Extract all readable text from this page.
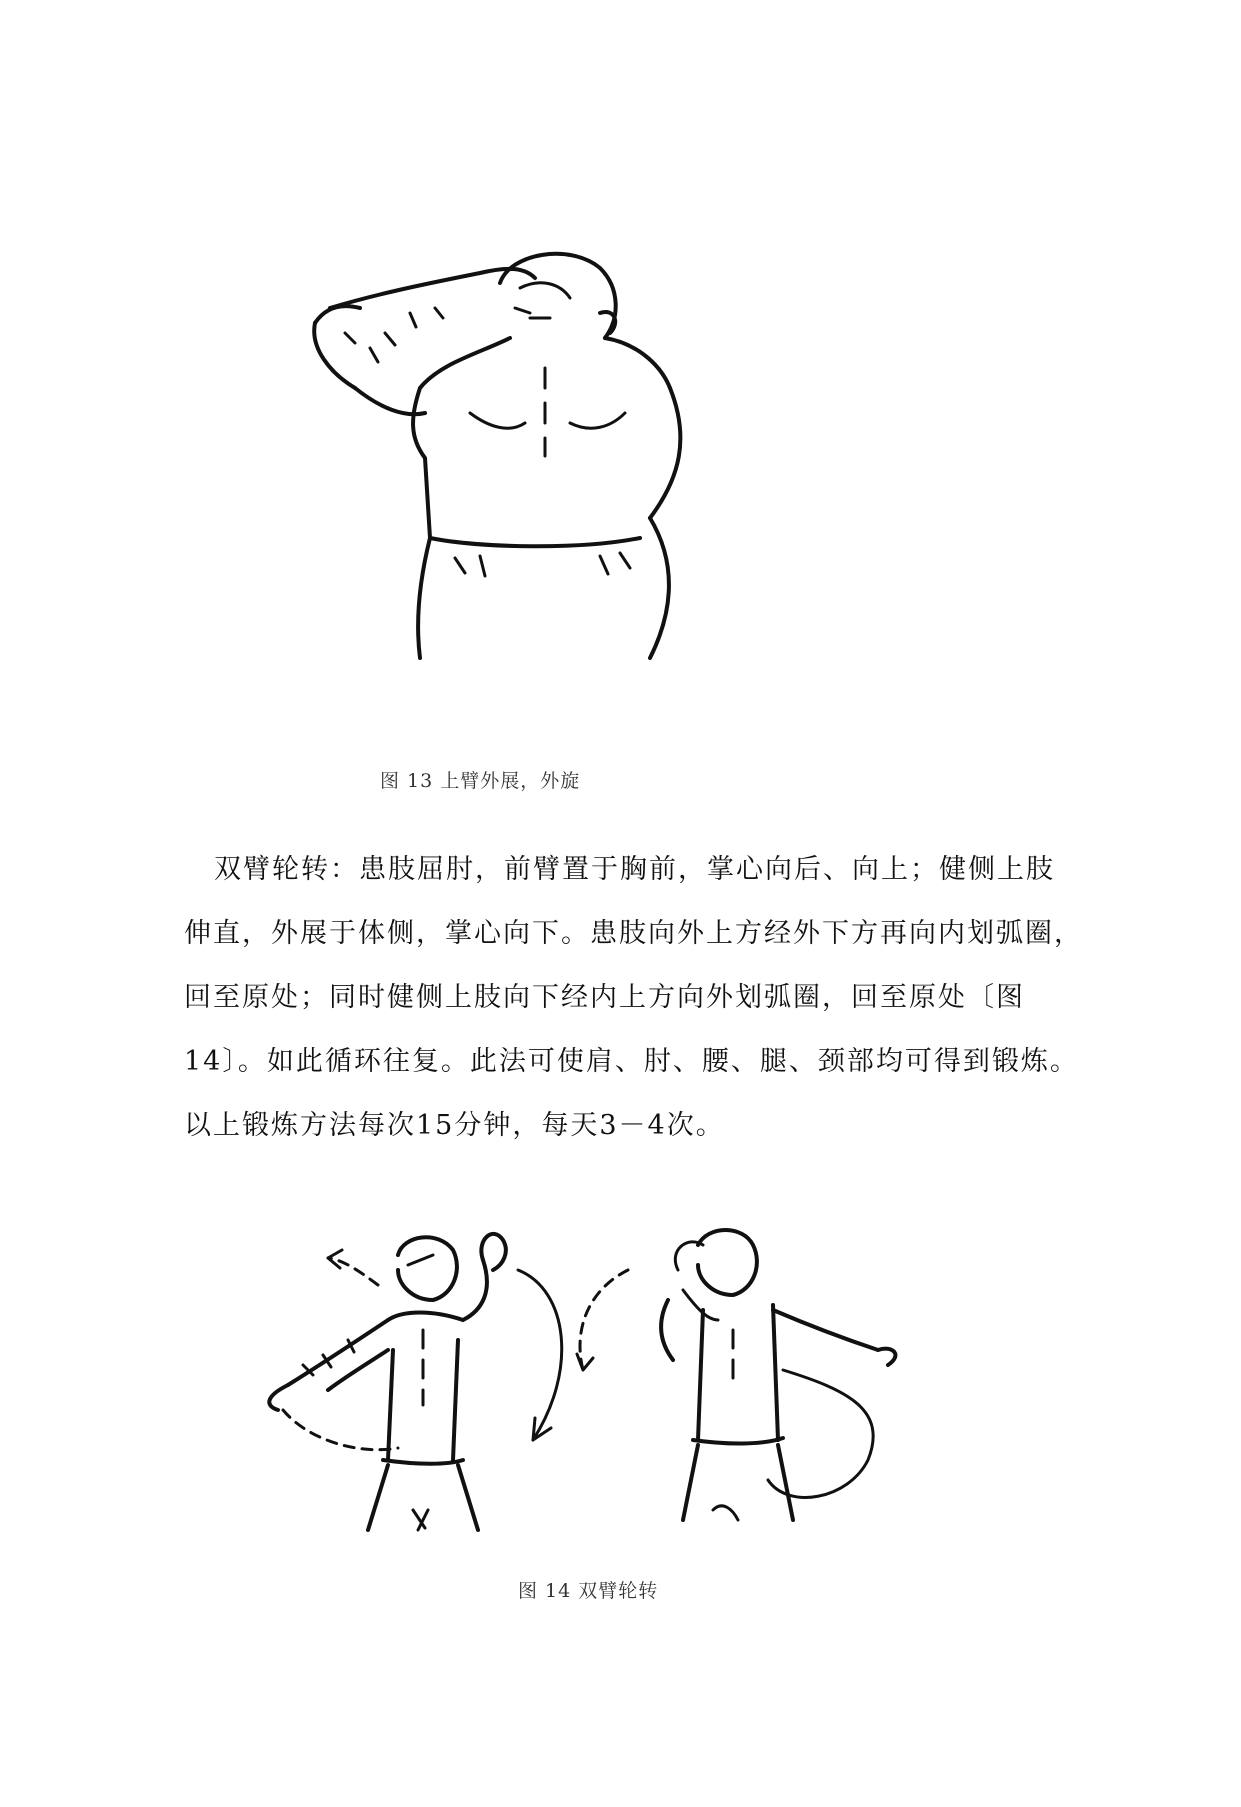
图 13 上臂外展，外旋

双臂轮转：患肢屈肘，前臂置于胸前，掌心向后、向上；健侧上肢

伸直，外展于体侧，掌心向下。患肢向外上方经外下方再向内划弧圈，

回至原处；同时健侧上肢向下经内上方向外划弧圈，回至原处〔图

14〕。如此循环往复。此法可使肩、肘、腰、腿、颈部均可得到锻炼。

以上锻炼方法每次15分钟，每天3－4次。

图 14 双臂轮转
